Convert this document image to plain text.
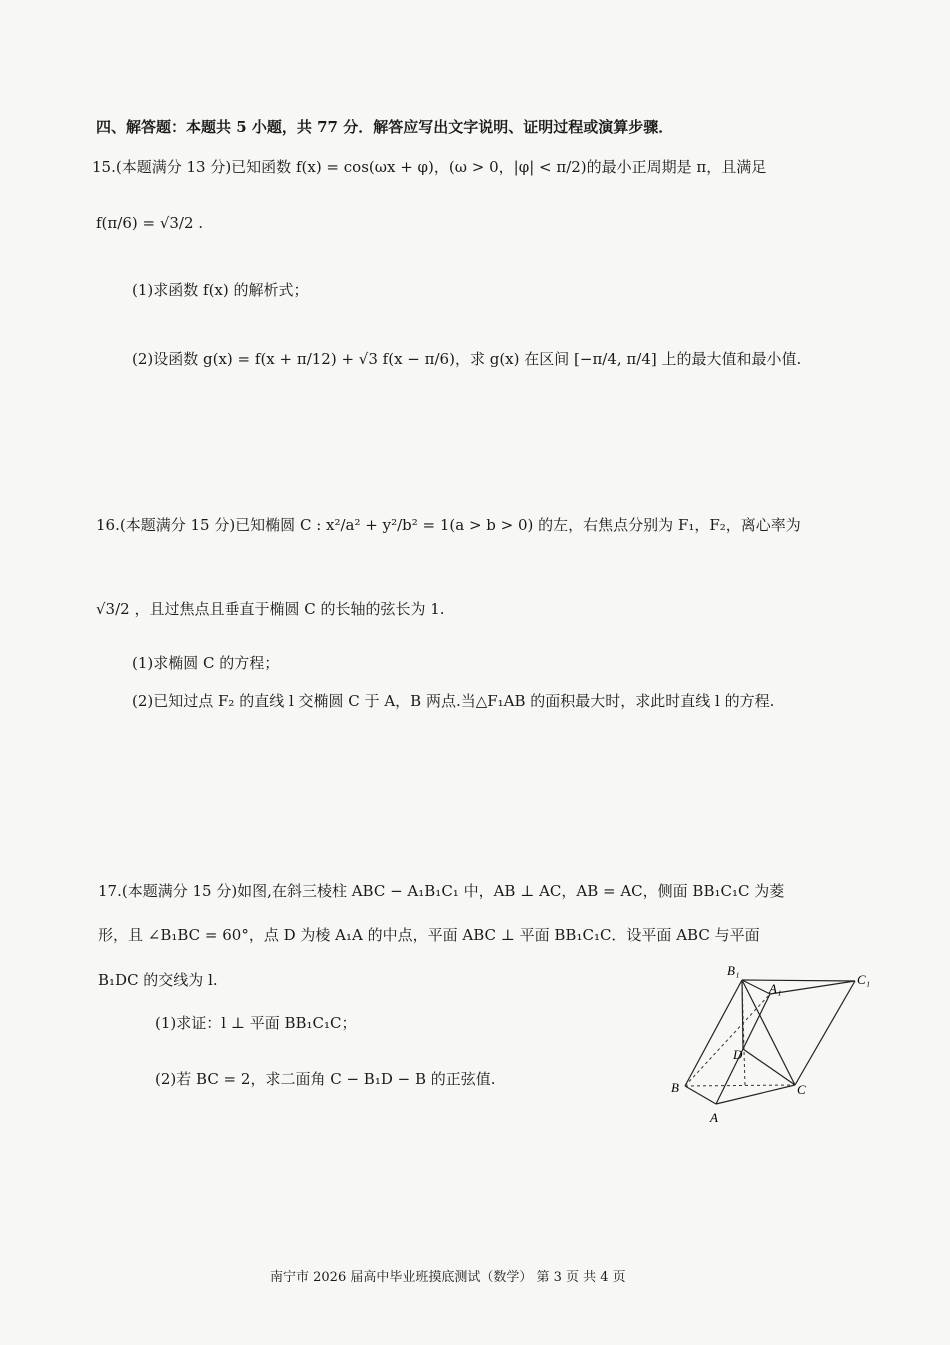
四、解答题：本题共 5 小题，共 77 分．解答应写出文字说明、证明过程或演算步骤．
15.(本题满分 13 分)已知函数 f(x) = cos(ωx + φ)，(ω > 0，|φ| < π/2)的最小正周期是 π，且满足
f(π/6) = √3/2 .
(1)求函数 f(x) 的解析式；
(2)设函数 g(x) = f(x + π/12) + √3 f(x − π/6)，求 g(x) 在区间 [−π/4, π/4] 上的最大值和最小值.
16.(本题满分 15 分)已知椭圆 C : x²/a² + y²/b² = 1(a > b > 0) 的左，右焦点分别为 F₁，F₂，离心率为
√3/2 ，且过焦点且垂直于椭圆 C 的长轴的弦长为 1.
(1)求椭圆 C 的方程；
(2)已知过点 F₂ 的直线 l 交椭圆 C 于 A，B 两点.当△F₁AB 的面积最大时，求此时直线 l 的方程.
17.(本题满分 15 分)如图,在斜三棱柱 ABC − A₁B₁C₁ 中，AB ⊥ AC，AB = AC，侧面 BB₁C₁C 为菱
形，且 ∠B₁BC = 60°，点 D 为棱 A₁A 的中点，平面 ABC ⊥ 平面 BB₁C₁C．设平面 ABC 与平面
B₁DC 的交线为 l.
(1)求证：l ⊥ 平面 BB₁C₁C；
(2)若 BC = 2，求二面角 C − B₁D − B 的正弦值.
B₁
C₁
A₁
D
B	C
A
南宁市 2026 届高中毕业班摸底测试（数学） 第 3 页 共 4 页
